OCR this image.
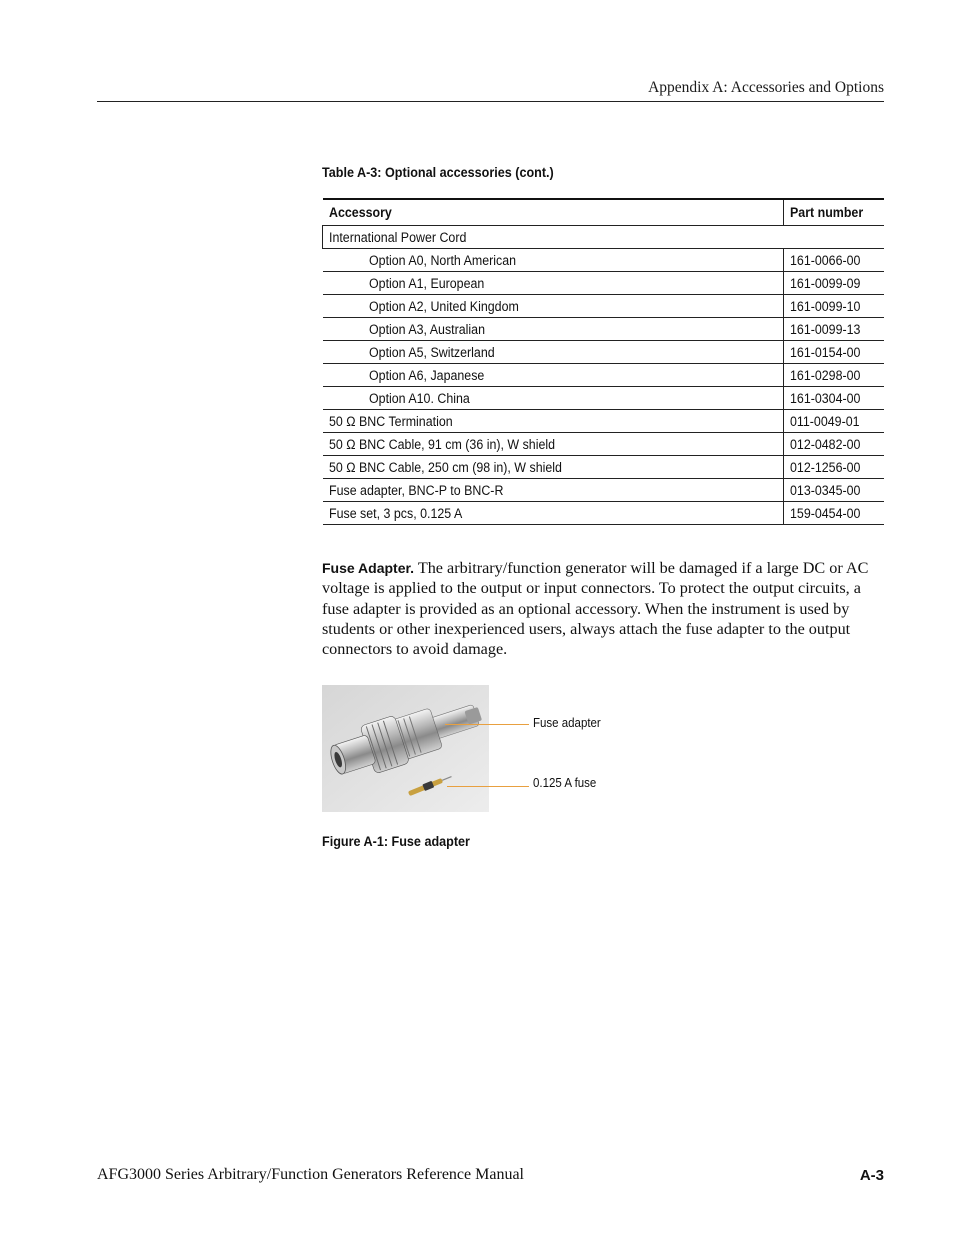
Appendix A: Accessories and Options
Table A-3: Optional accessories (cont.)
Accessory	Part number
International Power Cord	
Option A0, North American	161-0066-00
Option A1, European	161-0099-09
Option A2, United Kingdom	161-0099-10
Option A3, Australian	161-0099-13
Option A5, Switzerland	161-0154-00
Option A6, Japanese	161-0298-00
Option A10. China	161-0304-00
50 Ω BNC Termination	011-0049-01
50 Ω BNC Cable, 91 cm (36 in), W shield	012-0482-00
50 Ω BNC Cable, 250 cm (98 in), W shield	012-1256-00
Fuse adapter, BNC-P to BNC-R	013-0345-00
Fuse set, 3 pcs, 0.125 A	159-0454-00
Fuse Adapter. The arbitrary/function generator will be damaged if a large DC or AC voltage is applied to the output or input connectors. To protect the output circuits, a fuse adapter is provided as an optional accessory. When the instrument is used by students or other inexperienced users, always attach the fuse adapter to the output connectors to avoid damage.
Fuse adapter
0.125 A fuse
Figure A-1: Fuse adapter
AFG3000 Series Arbitrary/Function Generators Reference Manual	A-3
